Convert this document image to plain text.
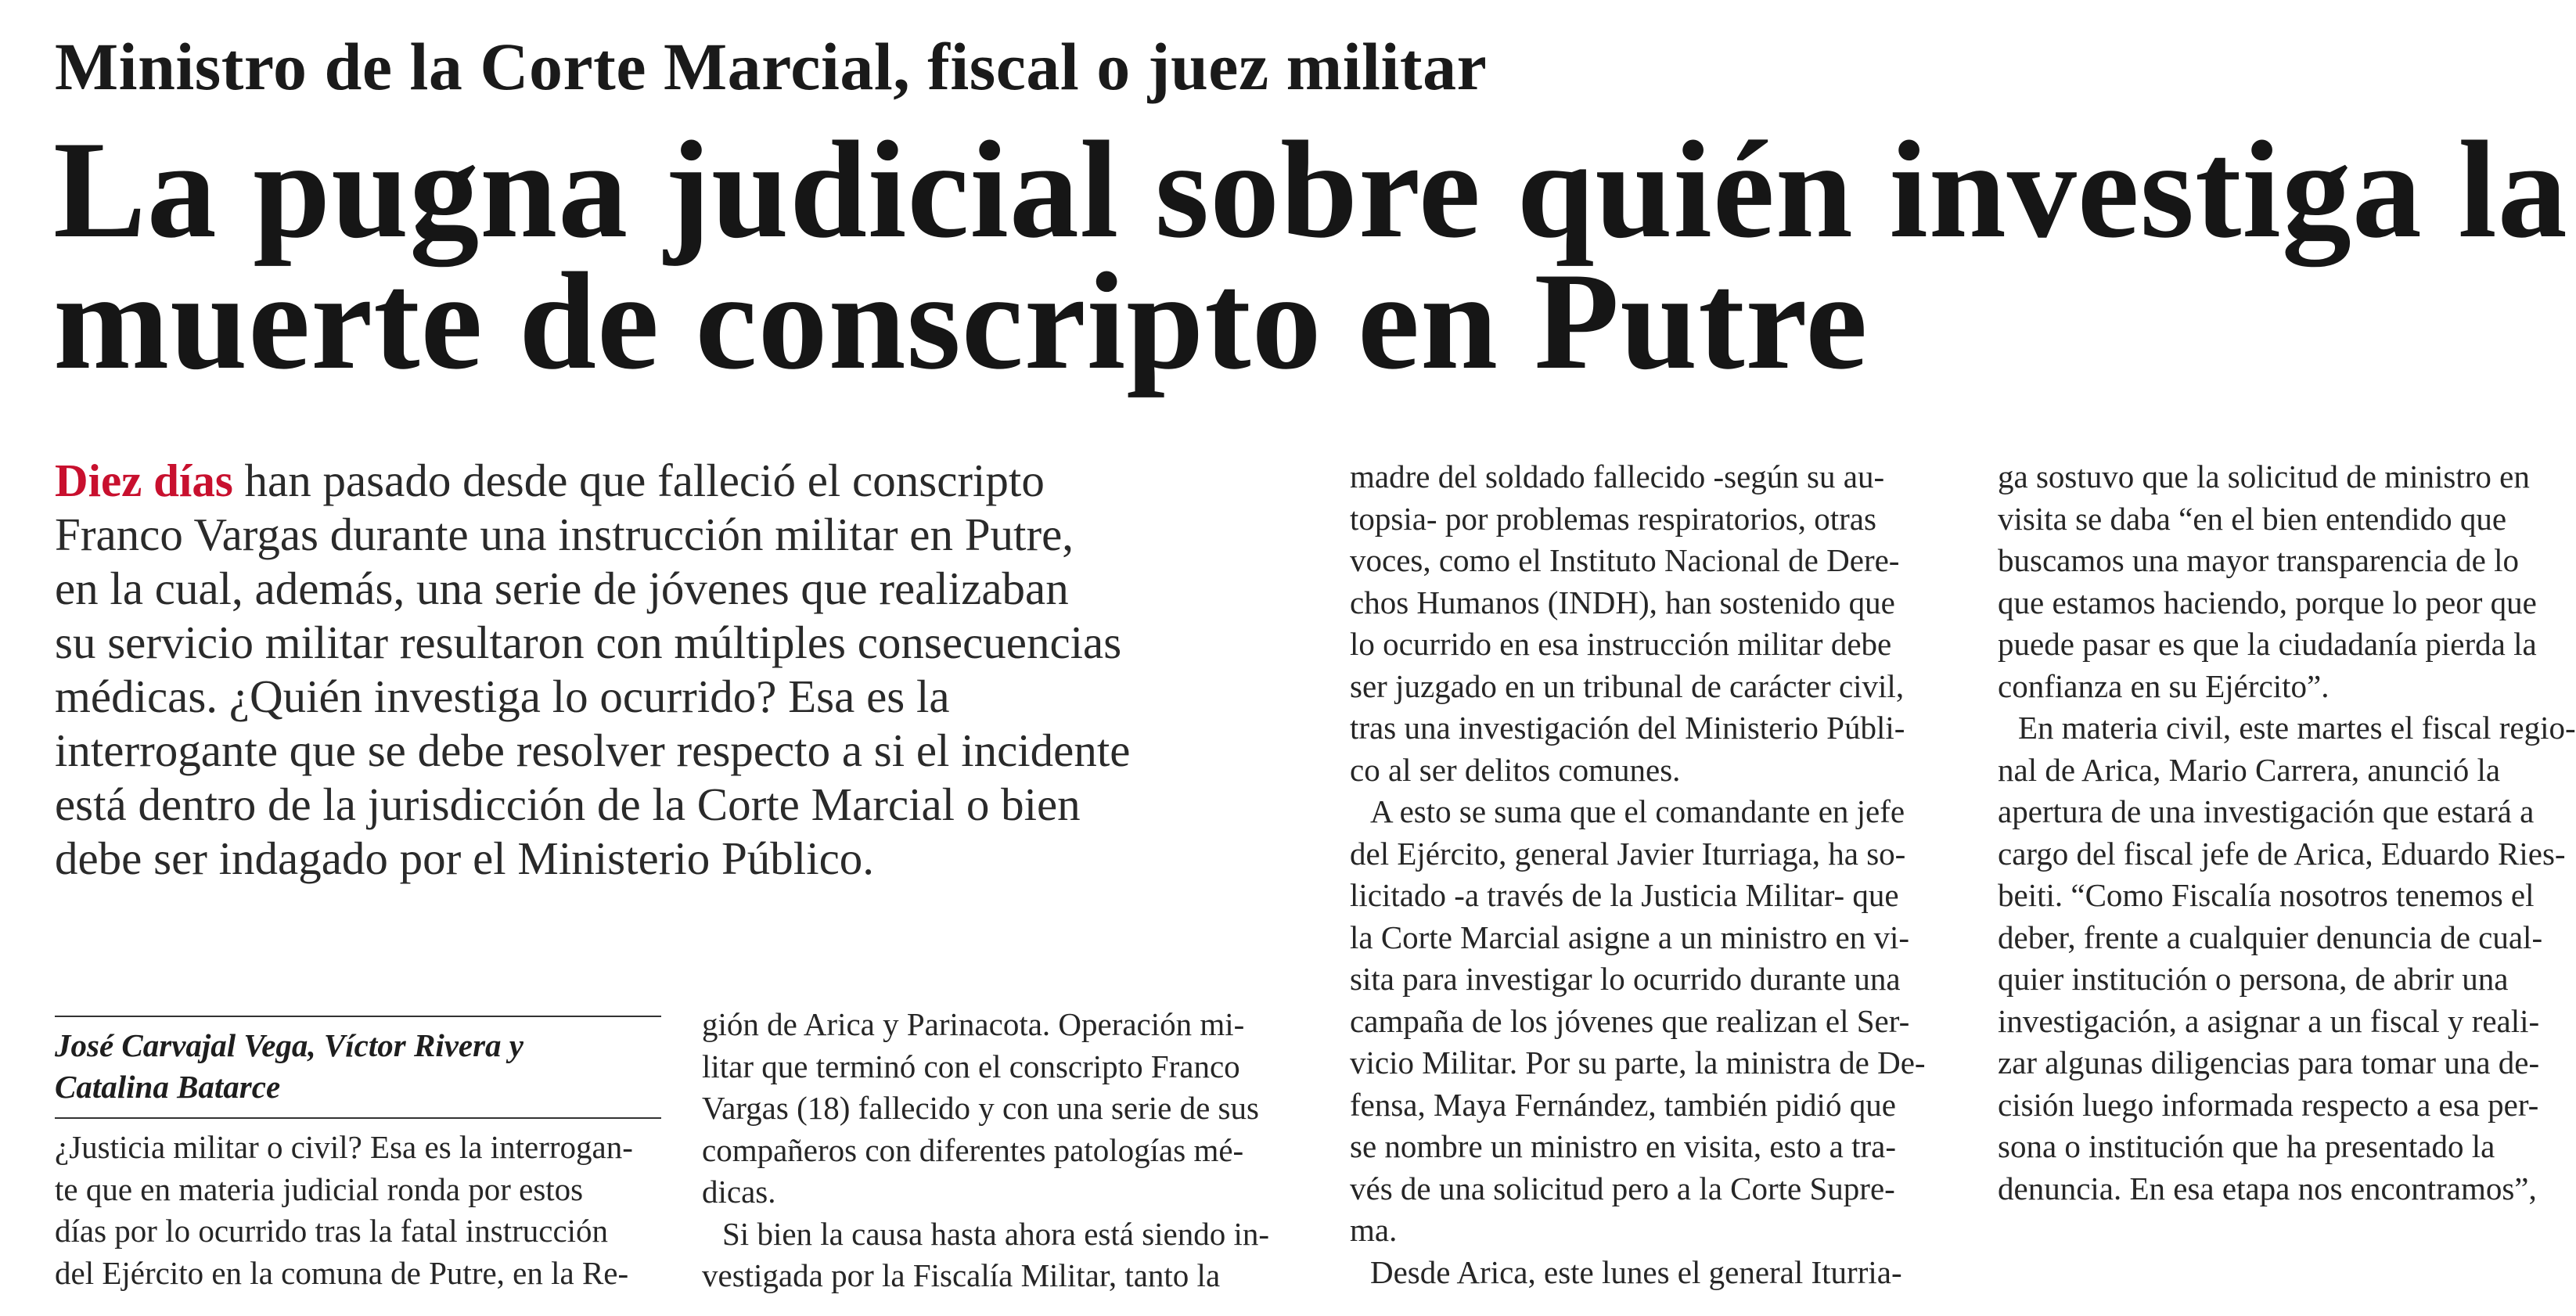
Ministro de la Corte Marcial, fiscal o juez militar
La pugna judicial sobre quién investiga la
muerte de conscripto en Putre
Diez días han pasado desde que falleció el conscripto
Franco Vargas durante una instrucción militar en Putre,
en la cual, además, una serie de jóvenes que realizaban
su servicio militar resultaron con múltiples consecuencias
médicas. ¿Quién investiga lo ocurrido? Esa es la
interrogante que se debe resolver respecto a si el incidente
está dentro de la jurisdicción de la Corte Marcial o bien
debe ser indagado por el Ministerio Público.
José Carvajal Vega, Víctor Rivera y
Catalina Batarce
¿Justicia militar o civil? Esa es la interrogan-
te que en materia judicial ronda por estos
días por lo ocurrido tras la fatal instrucción
del Ejército en la comuna de Putre, en la Re-
gión de Arica y Parinacota. Operación mi-
litar que terminó con el conscripto Franco
Vargas (18) fallecido y con una serie de sus
compañeros con diferentes patologías mé-
dicas.
Si bien la causa hasta ahora está siendo in-
vestigada por la Fiscalía Militar, tanto la
madre del soldado fallecido -según su au-
topsia- por problemas respiratorios, otras
voces, como el Instituto Nacional de Dere-
chos Humanos (INDH), han sostenido que
lo ocurrido en esa instrucción militar debe
ser juzgado en un tribunal de carácter civil,
tras una investigación del Ministerio Públi-
co al ser delitos comunes.
A esto se suma que el comandante en jefe
del Ejército, general Javier Iturriaga, ha so-
licitado -a través de la Justicia Militar- que
la Corte Marcial asigne a un ministro en vi-
sita para investigar lo ocurrido durante una
campaña de los jóvenes que realizan el Ser-
vicio Militar. Por su parte, la ministra de De-
fensa, Maya Fernández, también pidió que
se nombre un ministro en visita, esto a tra-
vés de una solicitud pero a la Corte Supre-
ma.
Desde Arica, este lunes el general Iturria-
ga sostuvo que la solicitud de ministro en
visita se daba “en el bien entendido que
buscamos una mayor transparencia de lo
que estamos haciendo, porque lo peor que
puede pasar es que la ciudadanía pierda la
confianza en su Ejército”.
En materia civil, este martes el fiscal regio-
nal de Arica, Mario Carrera, anunció la
apertura de una investigación que estará a
cargo del fiscal jefe de Arica, Eduardo Ries-
beiti. “Como Fiscalía nosotros tenemos el
deber, frente a cualquier denuncia de cual-
quier institución o persona, de abrir una
investigación, a asignar a un fiscal y reali-
zar algunas diligencias para tomar una de-
cisión luego informada respecto a esa per-
sona o institución que ha presentado la
denuncia. En esa etapa nos encontramos”,
